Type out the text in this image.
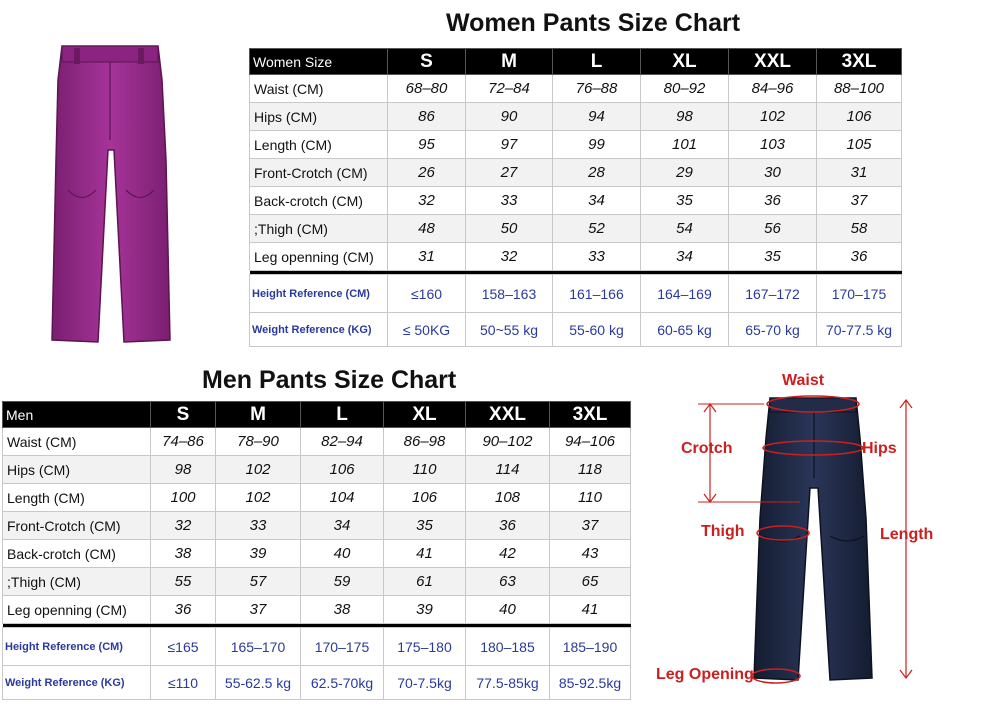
Women Pants Size Chart
Men Pants Size Chart
Women Size	S	M	L	XL	XXL	3XL
Waist (CM)	68–80	72–84	76–88	80–92	84–96	88–100
Hips (CM)	86	90	94	98	102	106
Length (CM)	95	97	99	101	103	105
Front-Crotch (CM)	26	27	28	29	30	31
Back-crotch (CM)	32	33	34	35	36	37
;Thigh (CM)	48	50	52	54	56	58
Leg openning (CM)	31	32	33	34	35	36

Height Reference (CM)	≤160	158–163	161–166	164–169	167–172	170–175
Weight Reference (KG)	≤ 50KG	50~55 kg	55-60 kg	60-65 kg	65-70 kg	70-77.5 kg
Men	S	M	L	XL	XXL	3XL
Waist (CM)	74–86	78–90	82–94	86–98	90–102	94–106
Hips (CM)	98	102	106	110	114	118
Length (CM)	100	102	104	106	108	110
Front-Crotch (CM)	32	33	34	35	36	37
Back-crotch (CM)	38	39	40	41	42	43
;Thigh (CM)	55	57	59	61	63	65
Leg openning (CM)	36	37	38	39	40	41

Height Reference (CM)	≤165	165–170	170–175	175–180	180–185	185–190
Weight Reference (KG)	≤110	55-62.5 kg	62.5-70kg	70-7.5kg	77.5-85kg	85-92.5kg
Waist
Crotch	Hips
Thigh	Length
Leg Opening
